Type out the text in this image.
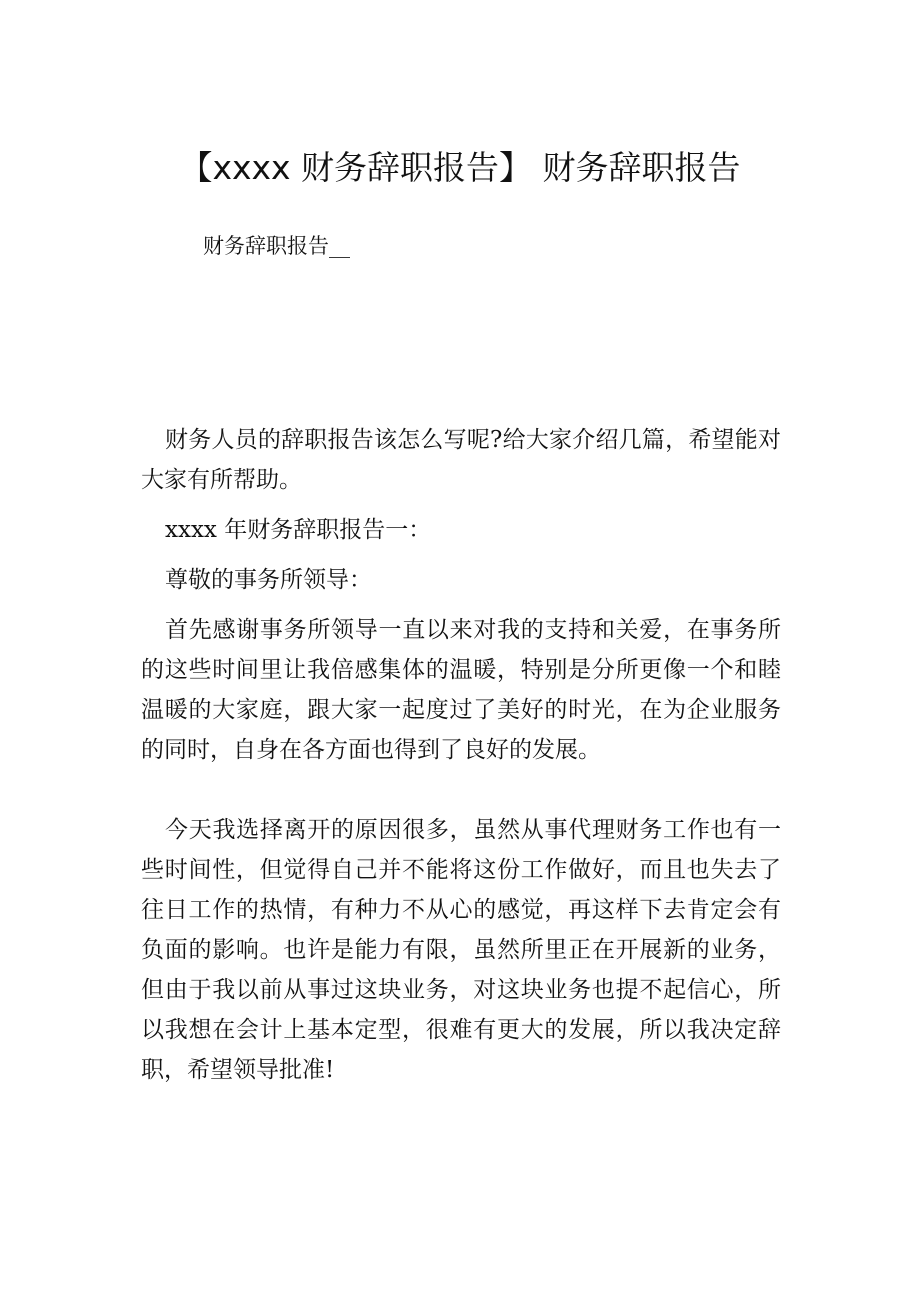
【xxxx 财务辞职报告】 财务辞职报告
财务辞职报告__

财务人员的辞职报告该怎么写呢?给大家介绍几篇，希望能对大家有所帮助。

xxxx 年财务辞职报告一：

尊敬的事务所领导：

首先感谢事务所领导一直以来对我的支持和关爱，在事务所的这些时间里让我倍感集体的温暖，特别是分所更像一个和睦温暖的大家庭，跟大家一起度过了美好的时光，在为企业服务的同时，自身在各方面也得到了良好的发展。

今天我选择离开的原因很多，虽然从事代理财务工作也有一些时间性，但觉得自己并不能将这份工作做好，而且也失去了往日工作的热情，有种力不从心的感觉，再这样下去肯定会有负面的影响。也许是能力有限，虽然所里正在开展新的业务，但由于我以前从事过这块业务，对这块业务也提不起信心，所以我想在会计上基本定型，很难有更大的发展，所以我决定辞职，希望领导批准!
